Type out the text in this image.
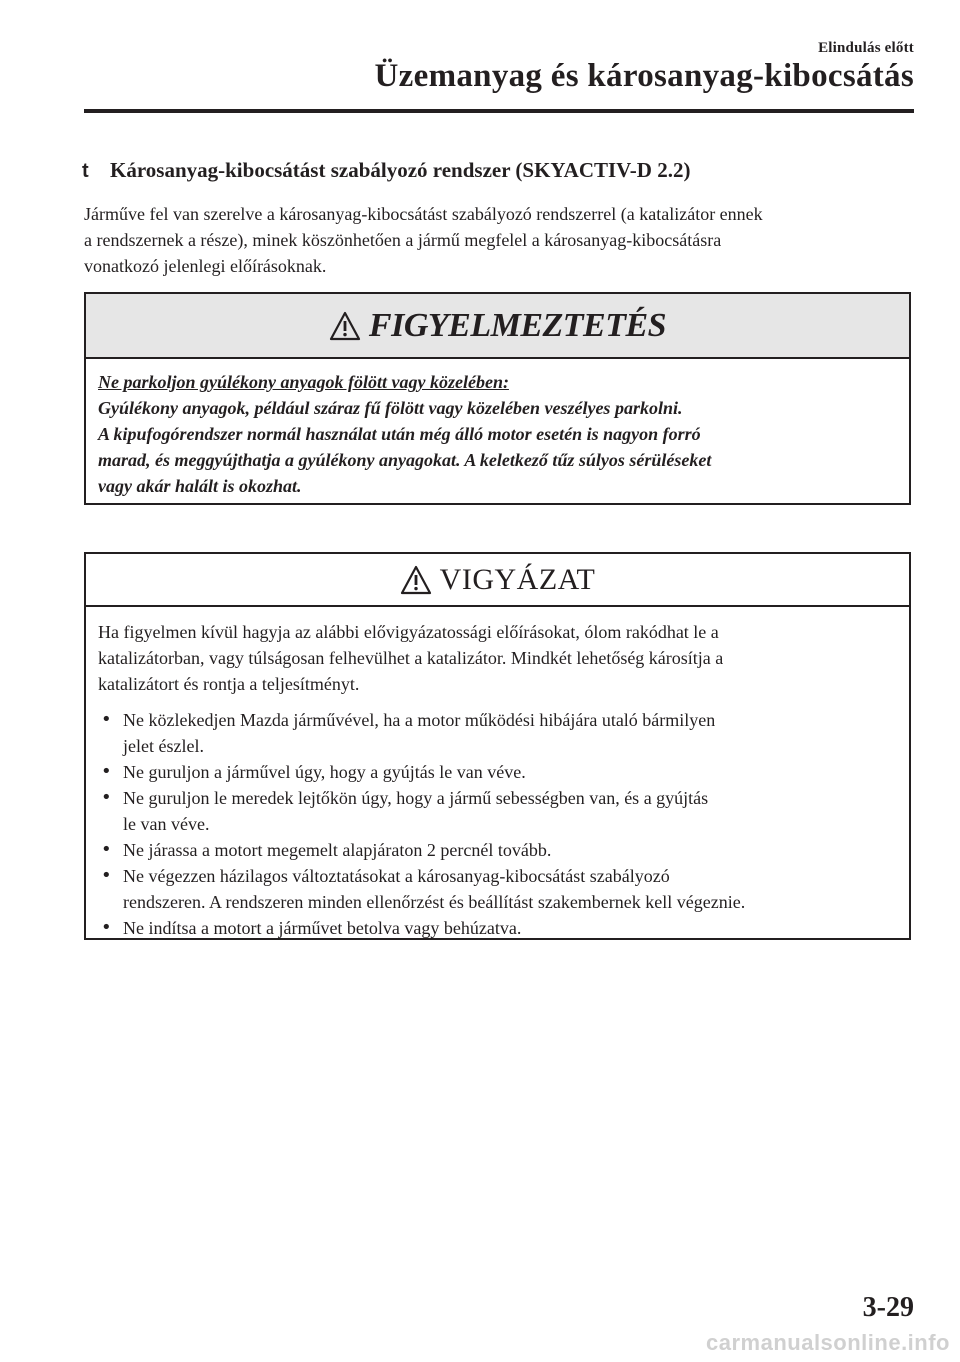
Elindulás előtt
Üzemanyag és károsanyag-kibocsátás
t Károsanyag-kibocsátást szabályozó rendszer (SKYACTIV-D 2.2)

Járműve fel van szerelve a károsanyag-kibocsátást szabályozó rendszerrel (a katalizátor ennek
a rendszernek a része), minek köszönhetően a jármű megfelel a károsanyag-kibocsátásra
vonatkozó jelenlegi előírásoknak.

FIGYELMEZTETÉS

Ne parkoljon gyúlékony anyagok fölött vagy közelében:
Gyúlékony anyagok, például száraz fű fölött vagy közelében veszélyes parkolni.
A kipufogórendszer normál használat után még álló motor esetén is nagyon forró
marad, és meggyújthatja a gyúlékony anyagokat. A keletkező tűz súlyos sérüléseket
vagy akár halált is okozhat.

VIGYÁZAT

Ha figyelmen kívül hagyja az alábbi elővigyázatossági előírásokat, ólom rakódhat le a
katalizátorban, vagy túlságosan felhevülhet a katalizátor. Mindkét lehetőség károsítja a
katalizátort és rontja a teljesítményt.

• Ne közlekedjen Mazda járművével, ha a motor működési hibájára utaló bármilyen
jelet észlel.
• Ne guruljon a járművel úgy, hogy a gyújtás le van véve.
• Ne guruljon le meredek lejtőkön úgy, hogy a jármű sebességben van, és a gyújtás
le van véve.
• Ne járassa a motort megemelt alapjáraton 2 percnél tovább.
• Ne végezzen házilagos változtatásokat a károsanyag-kibocsátást szabályozó
rendszeren. A rendszeren minden ellenőrzést és beállítást szakembernek kell végeznie.
• Ne indítsa a motort a járművet betolva vagy behúzatva.
3-29
carmanualsonline.info
